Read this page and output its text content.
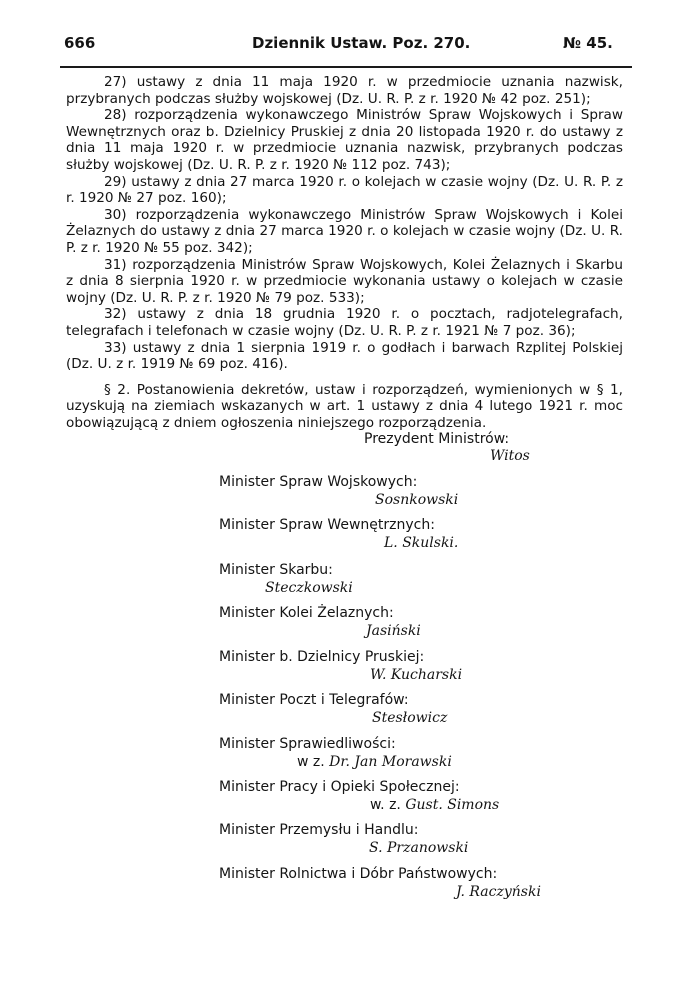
666	Dziennik Ustaw. Poz. 270.	№ 45.

27) ustawy z dnia 11 maja 1920 r. w przedmiocie uznania nazwisk, przybranych podczas służby wojskowej (Dz. U. R. P. z r. 1920 № 42 poz. 251);

28) rozporządzenia wykonawczego Ministrów Spraw Wojskowych i Spraw Wewnętrznych oraz b. Dzielnicy Pruskiej z dnia 20 listopada 1920 r. do ustawy z dnia 11 maja 1920 r. w przedmiocie uznania nazwisk, przybranych podczas służby wojskowej (Dz. U. R. P. z r. 1920 № 112 poz. 743);

29) ustawy z dnia 27 marca 1920 r. o kolejach w czasie wojny (Dz. U. R. P. z r. 1920 № 27 poz. 160);

30) rozporządzenia wykonawczego Ministrów Spraw Wojskowych i Kolei Żelaznych do ustawy z dnia 27 marca 1920 r. o kolejach w czasie wojny (Dz. U. R. P. z r. 1920 № 55 poz. 342);

31) rozporządzenia Ministrów Spraw Wojskowych, Kolei Żelaznych i Skarbu z dnia 8 sierpnia 1920 r. w przedmiocie wykonania ustawy o kolejach w czasie wojny (Dz. U. R. P. z r. 1920 № 79 poz. 533);

32) ustawy z dnia 18 grudnia 1920 r. o pocztach, radjotelegrafach, telegrafach i telefonach w czasie wojny (Dz. U. R. P. z r. 1921 № 7 poz. 36);

33) ustawy z dnia 1 sierpnia 1919 r. o godłach i barwach Rzplitej Polskiej (Dz. U. z r. 1919 № 69 poz. 416).

§ 2. Postanowienia dekretów, ustaw i rozporządzeń, wymienionych w § 1, uzyskują na ziemiach wskazanych w art. 1 ustawy z dnia 4 lutego 1921 r. moc obowiązującą z dniem ogłoszenia niniejszego rozporządzenia.

Prezydent Ministrów:
Witos
Minister Spraw Wojskowych:
Sosnkowski
Minister Spraw Wewnętrznych:
L. Skulski.
Minister Skarbu:
Steczkowski
Minister Kolei Żelaznych:
Jasiński
Minister b. Dzielnicy Pruskiej:
W. Kucharski
Minister Poczt i Telegrafów:
Stesłowicz
Minister Sprawiedliwości:
w z. Dr. Jan Morawski
Minister Pracy i Opieki Społecznej:
w. z. Gust. Simons
Minister Przemysłu i Handlu:
S. Przanowski
Minister Rolnictwa i Dóbr Państwowych:
J. Raczyński
